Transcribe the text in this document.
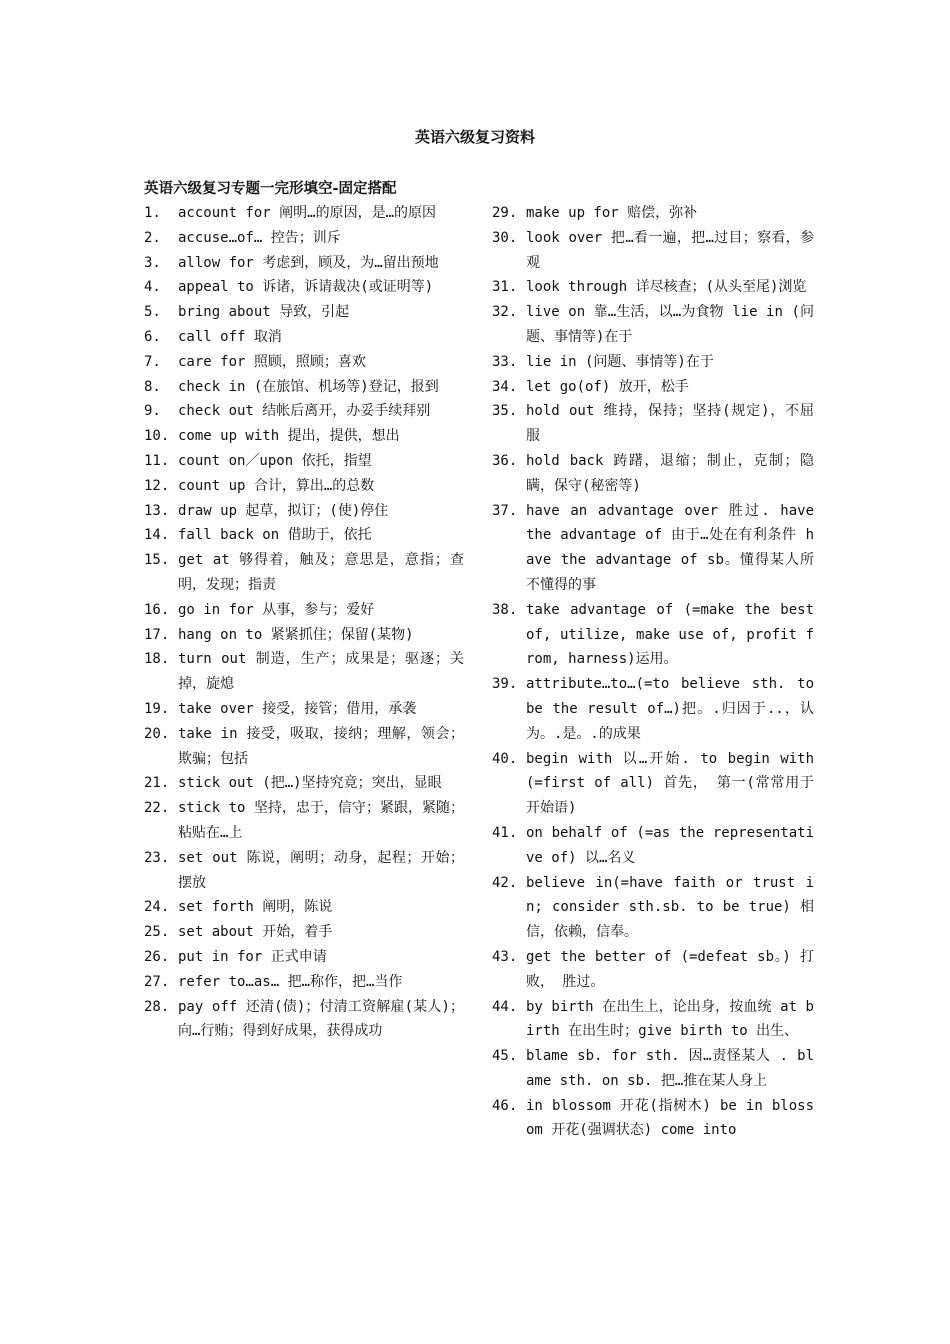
英语六级复习资料
英语六级复习专题一完形填空-固定搭配
1.	account for 阐明…的原因，是…的原因
2.	accuse…of… 控告；训斥
3.	allow for 考虑到，顾及，为…留出预地
4.	appeal to 诉诸，诉请裁决(或证明等)
5.	bring about 导致，引起
6.	call off 取消
7.	care for 照顾，照顾；喜欢
8.	check in (在旅馆、机场等)登记，报到
9.	check out 结帐后离开，办妥手续拜别
10. come up with 提出，提供，想出
11. count on／upon 依托，指望
12. count up 合计，算出…的总数
13. draw up 起草，拟订；(使)停住
14. fall back on 借助于，依托
15. get at 够得着，触及；意思是，意指；查明，发现；指责
16. go in for 从事，参与；爱好
17. hang on to 紧紧抓住；保留(某物)
18. turn out 制造，生产；成果是；驱逐；关掉，旋熄
19. take over 接受，接管；借用，承袭
20. take in 接受，吸取，接纳；理解，领会；欺骗；包括
21. stick out (把…)坚持究竟；突出，显眼
22. stick to 坚持，忠于，信守；紧跟，紧随；粘贴在…上
23. set out 陈说，阐明；动身，起程；开始；摆放
24. set forth 阐明，陈说
25. set about 开始，着手
26. put in for 正式申请
27. refer to…as… 把…称作，把…当作
28. pay off 还清(债)；付清工资解雇(某人)；向…行贿；得到好成果，获得成功
29. make up for 赔偿，弥补
30. look over 把…看一遍，把…过目；察看，参观
31. look through 详尽核查；(从头至尾)浏览
32. live on 靠…生活，以…为食物 lie in (问题、事情等)在于
33. lie in (问题、事情等)在于
34. let go(of) 放开，松手
35. hold out 维持，保持；坚持(规定)，不屈服
36. hold back 踌躇，退缩；制止，克制；隐瞒，保守(秘密等)
37. have an advantage over 胜过. have the advantage of 由于…处在有利条件 have the advantage of sb。懂得某人所不懂得的事
38. take advantage of (=make the best of, utilize, make use of, profit from, harness)运用。
39. attribute…to…(=to believe sth. to be the result of…)把。.归因于..，认为。.是。.的成果
40. begin with 以…开始. to begin with (=first of all) 首先， 第一(常常用于开始语)
41. on behalf of (=as the representative of) 以…名义
42. believe in(=have faith or trust in; consider sth.sb. to be true) 相信，依赖，信奉。
43. get the better of (=defeat sb。) 打败， 胜过。
44. by birth 在出生上，论出身，按血统 at birth 在出生时；give birth to 出生、
45. blame sb. for sth. 因…责怪某人 . blame sth. on sb. 把…推在某人身上
46. in blossom 开花(指树木) be in blossom 开花(强调状态) come into
